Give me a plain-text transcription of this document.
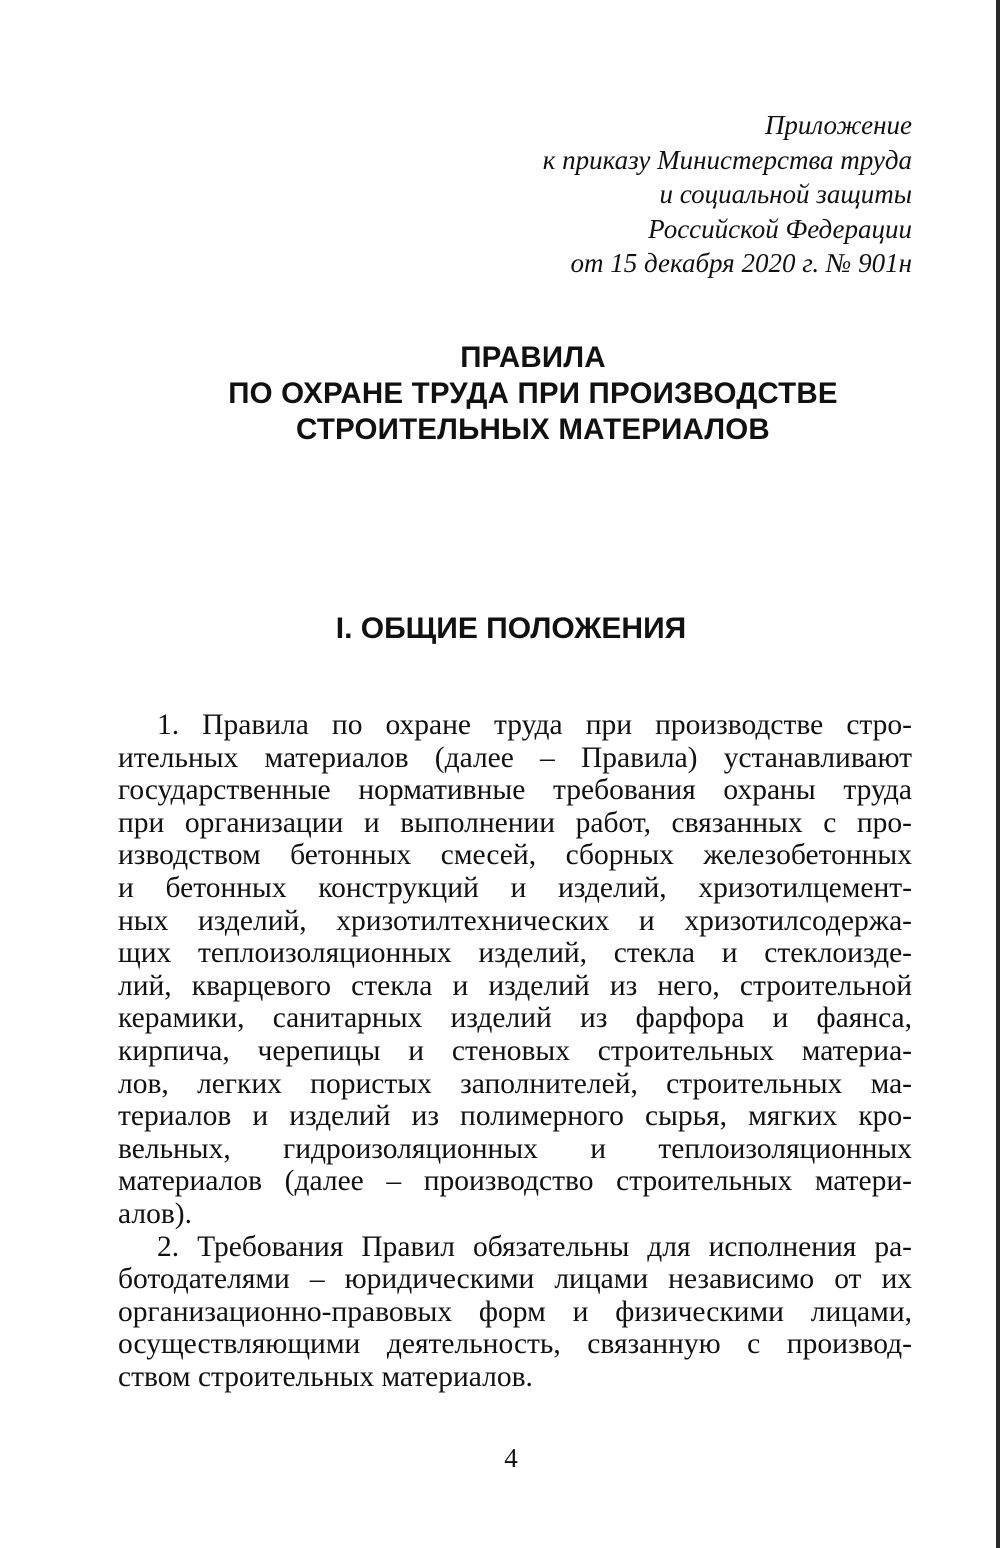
Приложение
к приказу Министерства труда
и социальной защиты
Российской Федерации
от 15 декабря 2020 г. № 901н
ПРАВИЛА
ПО ОХРАНЕ ТРУДА ПРИ ПРОИЗВОДСТВЕ
СТРОИТЕЛЬНЫХ МАТЕРИАЛОВ
I. ОБЩИЕ ПОЛОЖЕНИЯ
1. Правила по охране труда при производстве стро-
ительных материалов (далее – Правила) устанавливают
государственные нормативные требования охраны труда
при организации и выполнении работ, связанных с про-
изводством бетонных смесей, сборных железобетонных
и бетонных конструкций и изделий, хризотилцемент-
ных изделий, хризотилтехнических и хризотилсодержа-
щих теплоизоляционных изделий, стекла и стеклоизде-
лий, кварцевого стекла и изделий из него, строительной
керамики, санитарных изделий из фарфора и фаянса,
кирпича, черепицы и стеновых строительных материа-
лов, легких пористых заполнителей, строительных ма-
териалов и изделий из полимерного сырья, мягких кро-
вельных, гидроизоляционных и теплоизоляционных
материалов (далее – производство строительных матери-
алов).
2. Требования Правил обязательны для исполнения ра-
ботодателями – юридическими лицами независимо от их
организационно-правовых форм и физическими лицами,
осуществляющими деятельность, связанную с производ-
ством строительных материалов.
4
